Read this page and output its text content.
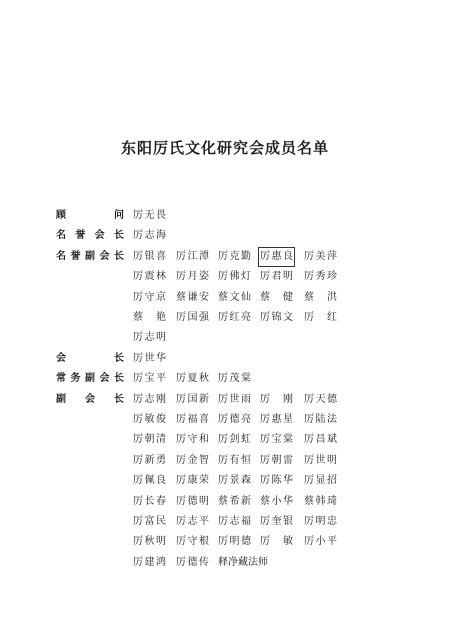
东阳厉氏文化研究会成员名单
顾问 厉无畏
名誉会长 厉志海
名誉副会长 厉银喜 厉江潭 厉克勤 厉惠良 厉美萍
厉震林 厉月姿 厉佛灯 厉君明 厉秀珍
厉守京 蔡谦安 蔡文仙 蔡健 蔡洪
蔡艳 厉国强 厉红亮 厉锦文 厉红
厉志明
会长 厉世华
常务副会长 厉宝平 厉夏秋 厉茂棠
副会长 厉志刚 厉国新 厉世雨 厉刚 厉天德
厉敏俊 厉福喜 厉德亮 厉惠星 厉陆法
厉朝清 厉守和 厉剑虹 厉宝棠 厉昌斌
厉新勇 厉金智 厉有恒 厉朝雷 厉世明
厉佩良 厉康荣 厉景森 厉陈华 厉显招
厉长春 厉德明 蔡希新 蔡小华 蔡韩琦
厉富民 厉志平 厉志福 厉奎银 厉明忠
厉秋明 厉守根 厉明德 厉敏 厉小平
厉建鸿 厉德传 释净藏法师
